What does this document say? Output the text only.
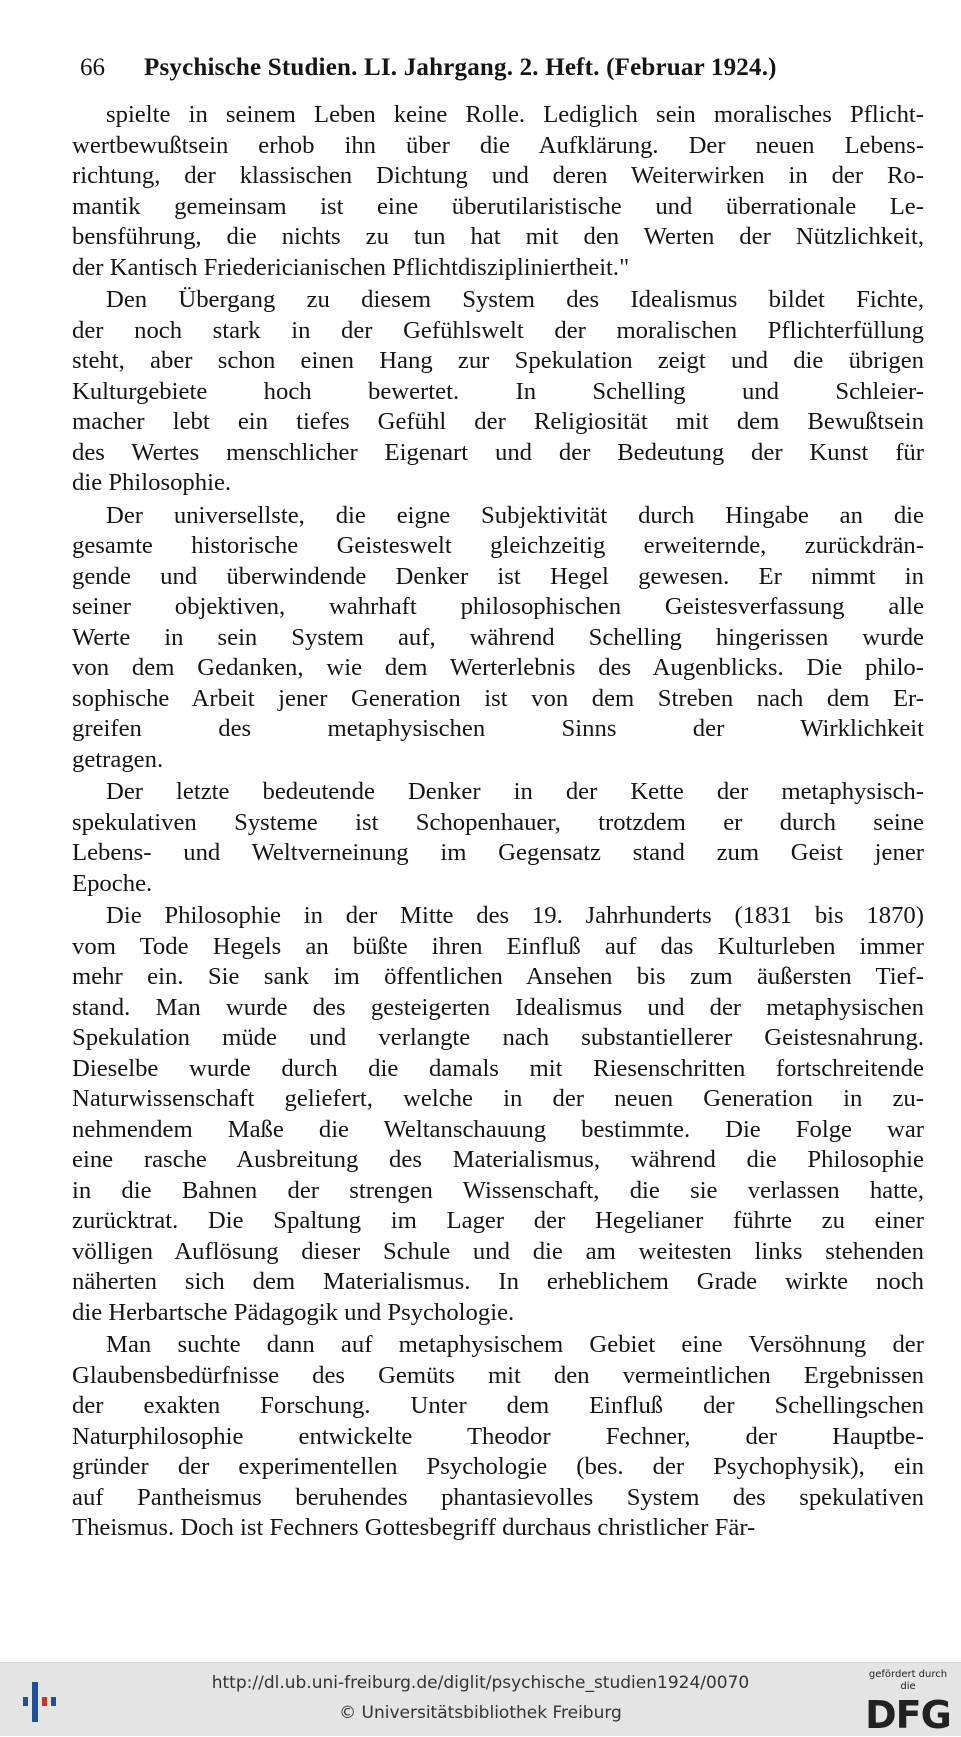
66 Psychische Studien. LI. Jahrgang. 2. Heft. (Februar 1924.)
spielte in seinem Leben keine Rolle. Lediglich sein moralisches Pflicht-
wertbewußtsein erhob ihn über die Aufklärung. Der neuen Lebens-
richtung, der klassischen Dichtung und deren Weiterwirken in der Ro-
mantik gemeinsam ist eine überutilaristische und überrationale Le-
bensführung, die nichts zu tun hat mit den Werten der Nützlichkeit,
der Kantisch Friedericianischen Pflichtdiszipliniertheit."
Den Übergang zu diesem System des Idealismus bildet Fichte,
der noch stark in der Gefühlswelt der moralischen Pflichterfüllung
steht, aber schon einen Hang zur Spekulation zeigt und die übrigen
Kulturgebiete hoch bewertet. In Schelling und Schleier-
macher lebt ein tiefes Gefühl der Religiosität mit dem Bewußtsein
des Wertes menschlicher Eigenart und der Bedeutung der Kunst für
die Philosophie.
Der universellste, die eigne Subjektivität durch Hingabe an die
gesamte historische Geisteswelt gleichzeitig erweiternde, zurückdrän-
gende und überwindende Denker ist Hegel gewesen. Er nimmt in
seiner objektiven, wahrhaft philosophischen Geistesverfassung alle
Werte in sein System auf, während Schelling hingerissen wurde
von dem Gedanken, wie dem Werterlebnis des Augenblicks. Die philo-
sophische Arbeit jener Generation ist von dem Streben nach dem Er-
greifen des metaphysischen Sinns der Wirklichkeit
getragen.
Der letzte bedeutende Denker in der Kette der metaphysisch-
spekulativen Systeme ist Schopenhauer, trotzdem er durch seine
Lebens- und Weltverneinung im Gegensatz stand zum Geist jener
Epoche.
Die Philosophie in der Mitte des 19. Jahrhunderts (1831 bis 1870)
vom Tode Hegels an büßte ihren Einfluß auf das Kulturleben immer
mehr ein. Sie sank im öffentlichen Ansehen bis zum äußersten Tief-
stand. Man wurde des gesteigerten Idealismus und der metaphysischen
Spekulation müde und verlangte nach substantiellerer Geistesnahrung.
Dieselbe wurde durch die damals mit Riesenschritten fortschreitende
Naturwissenschaft geliefert, welche in der neuen Generation in zu-
nehmendem Maße die Weltanschauung bestimmte. Die Folge war
eine rasche Ausbreitung des Materialismus, während die Philosophie
in die Bahnen der strengen Wissenschaft, die sie verlassen hatte,
zurücktrat. Die Spaltung im Lager der Hegelianer führte zu einer
völligen Auflösung dieser Schule und die am weitesten links stehenden
näherten sich dem Materialismus. In erheblichem Grade wirkte noch
die Herbartsche Pädagogik und Psychologie.
Man suchte dann auf metaphysischem Gebiet eine Versöhnung der
Glaubensbedürfnisse des Gemüts mit den vermeintlichen Ergebnissen
der exakten Forschung. Unter dem Einfluß der Schellingschen
Naturphilosophie entwickelte Theodor Fechner, der Hauptbe-
gründer der experimentellen Psychologie (bes. der Psychophysik), ein
auf Pantheismus beruhendes phantasievolles System des spekulativen
Theismus. Doch ist Fechners Gottesbegriff durchaus christlicher Fär-
http://dl.ub.uni-freiburg.de/diglit/psychische_studien1924/0070
© Universitätsbibliothek Freiburg
gefördert durch die
DFG
